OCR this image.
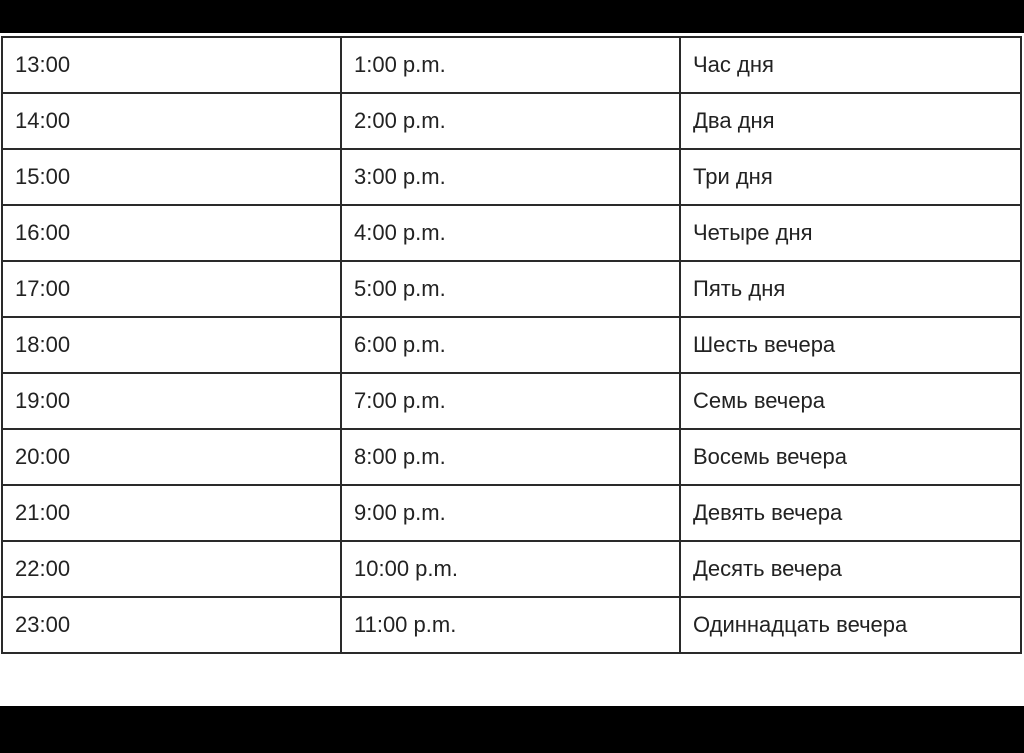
13:00	1:00 p.m.	Час дня
14:00	2:00 p.m.	Два дня
15:00	3:00 p.m.	Три дня
16:00	4:00 p.m.	Четыре дня
17:00	5:00 p.m.	Пять дня
18:00	6:00 p.m.	Шесть вечера
19:00	7:00 p.m.	Семь вечера
20:00	8:00 p.m.	Восемь вечера
21:00	9:00 p.m.	Девять вечера
22:00	10:00 p.m.	Десять вечера
23:00	11:00 p.m.	Одиннадцать вечера
